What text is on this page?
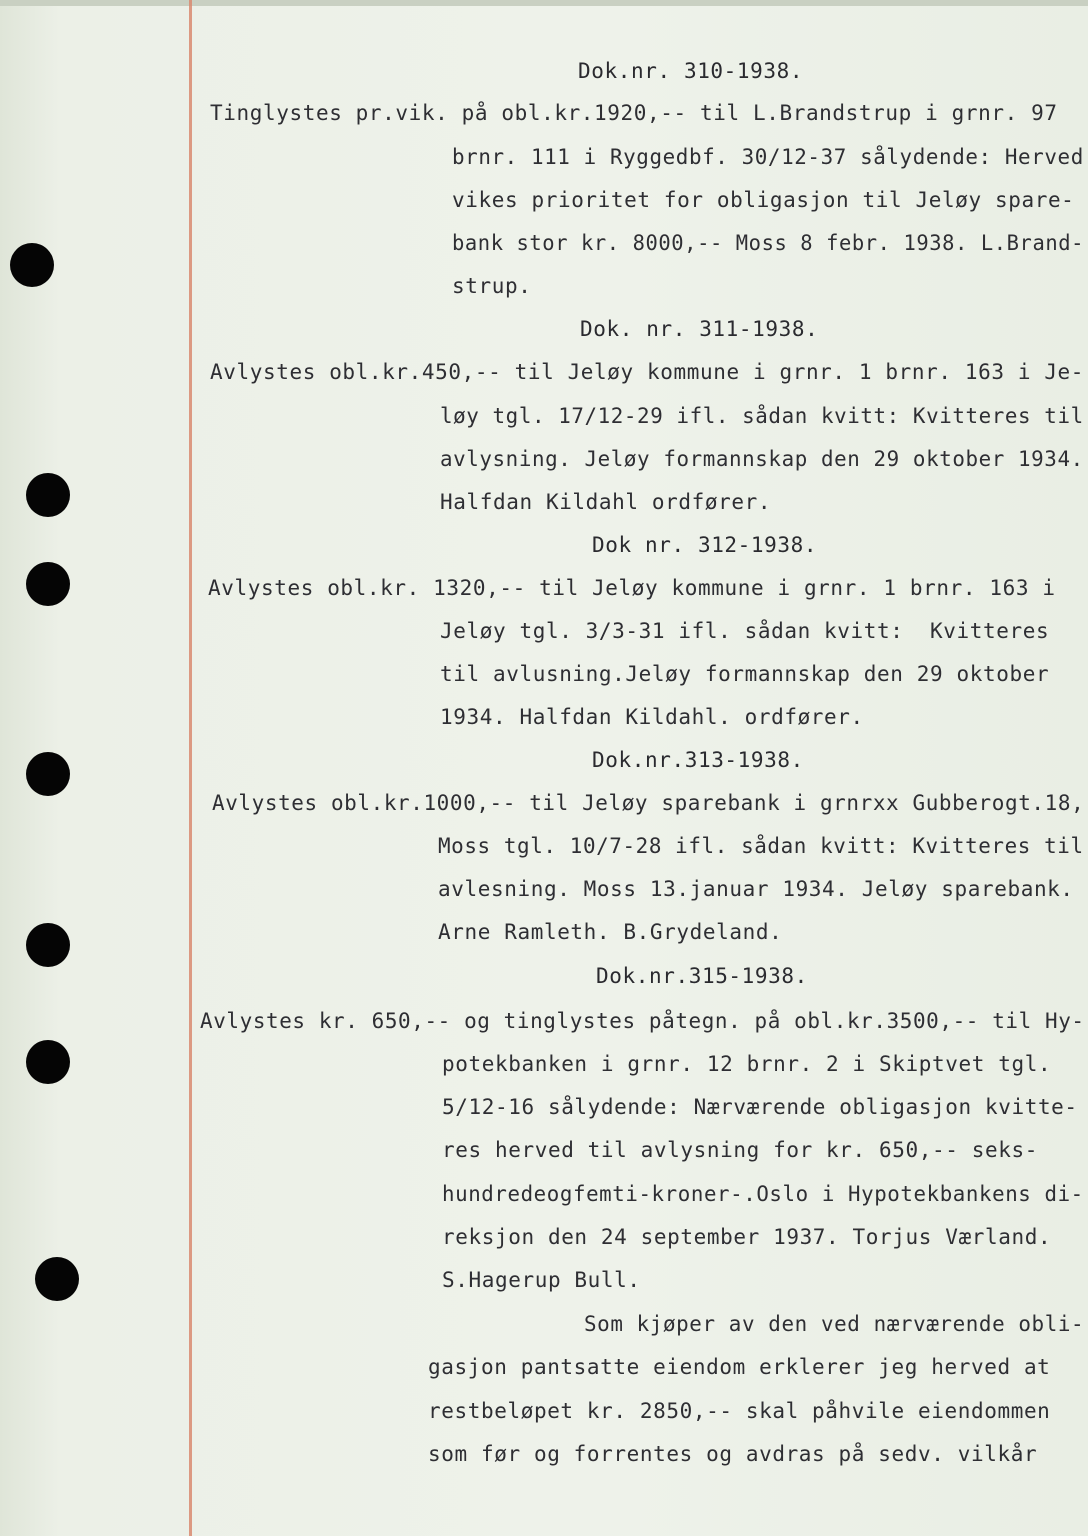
Dok.nr. 310-1938.
Tinglystes pr.vik. på obl.kr.1920,-- til L.Brandstrup i grnr. 97
brnr. 111 i Ryggedbf. 30/12-37 sålydende: Herved
vikes prioritet for obligasjon til Jeløy spare-
bank stor kr. 8000,-- Moss 8 febr. 1938. L.Brand-
strup.
Dok. nr. 311-1938.
Avlystes obl.kr.450,-- til Jeløy kommune i grnr. 1 brnr. 163 i Je-
løy tgl. 17/12-29 ifl. sådan kvitt: Kvitteres til
avlysning. Jeløy formannskap den 29 oktober 1934.
Halfdan Kildahl ordfører.
Dok nr. 312-1938.
Avlystes obl.kr. 1320,-- til Jeløy kommune i grnr. 1 brnr. 163 i
Jeløy tgl. 3/3-31 ifl. sådan kvitt:  Kvitteres
til avlusning.Jeløy formannskap den 29 oktober
1934. Halfdan Kildahl. ordfører.
Dok.nr.313-1938.
Avlystes obl.kr.1000,-- til Jeløy sparebank i grnrxx Gubberogt.18,
Moss tgl. 10/7-28 ifl. sådan kvitt: Kvitteres til
avlesning. Moss 13.januar 1934. Jeløy sparebank.
Arne Ramleth. B.Grydeland.
Dok.nr.315-1938.
Avlystes kr. 650,-- og tinglystes påtegn. på obl.kr.3500,-- til Hy-
potekbanken i grnr. 12 brnr. 2 i Skiptvet tgl.
5/12-16 sålydende: Nærværende obligasjon kvitte-
res herved til avlysning for kr. 650,-- seks-
hundredeogfemti-kroner-.Oslo i Hypotekbankens di-
reksjon den 24 september 1937. Torjus Værland.
S.Hagerup Bull.
Som kjøper av den ved nærværende obli-
gasjon pantsatte eiendom erklerer jeg herved at
restbeløpet kr. 2850,-- skal påhvile eiendommen
som før og forrentes og avdras på sedv. vilkår
